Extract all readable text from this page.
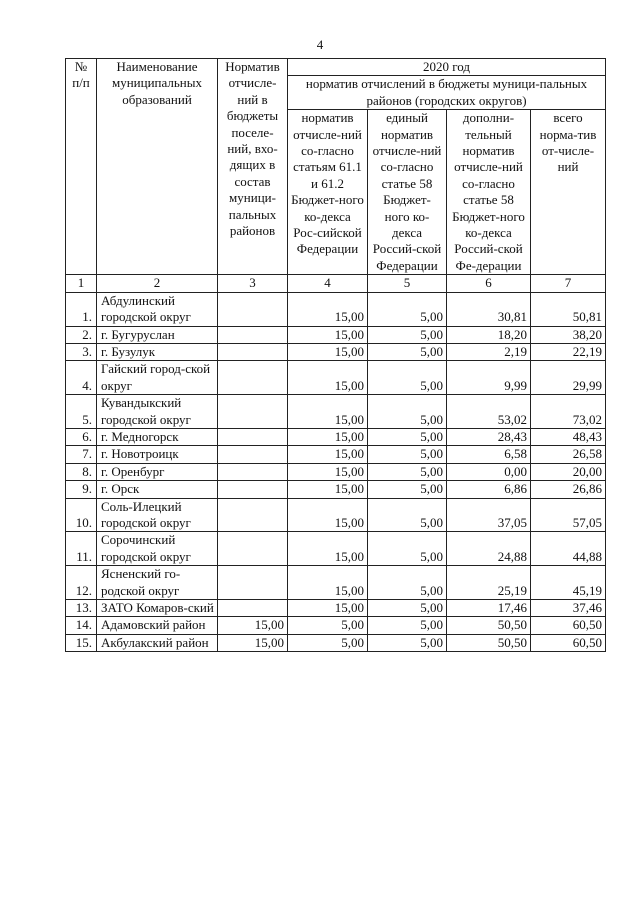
4
№ п/п	Наименование муниципальных образований	Норматив отчисле-ний в бюджеты поселе-ний, вхо-дящих в состав муници-пальных районов	2020 год			
			норматив отчислений в бюджеты муници-пальных районов (городских округов)			
			норматив отчисле-ний со-гласно статьям 61.1 и 61.2 Бюджет-ного ко-декса Рос-сийской Федерации	единый норматив отчисле-ний со-гласно статье 58 Бюджет-ного ко-декса Россий-ской Федерации	дополни-тельный норматив отчисле-ний со-гласно статье 58 Бюджет-ного ко-декса Россий-ской Фе-дерации	всего норма-тив от-числе-ний
1	2	3	4	5	6	7
1.	Абдулинский городской округ		15,00	5,00	30,81	50,81
2.	г. Бугуруслан		15,00	5,00	18,20	38,20
3.	г. Бузулук		15,00	5,00	2,19	22,19
4.	Гайский город-ской округ		15,00	5,00	9,99	29,99
5.	Кувандыкский городской округ		15,00	5,00	53,02	73,02
6.	г. Медногорск		15,00	5,00	28,43	48,43
7.	г. Новотроицк		15,00	5,00	6,58	26,58
8.	г. Оренбург		15,00	5,00	0,00	20,00
9.	г. Орск		15,00	5,00	6,86	26,86
10.	Соль-Илецкий городской округ		15,00	5,00	37,05	57,05
11.	Сорочинский городской округ		15,00	5,00	24,88	44,88
12.	Ясненский го-родской округ		15,00	5,00	25,19	45,19
13.	ЗАТО Комаров-ский		15,00	5,00	17,46	37,46
14.	Адамовский район	15,00	5,00	5,00	50,50	60,50
15.	Акбулакский район	15,00	5,00	5,00	50,50	60,50
